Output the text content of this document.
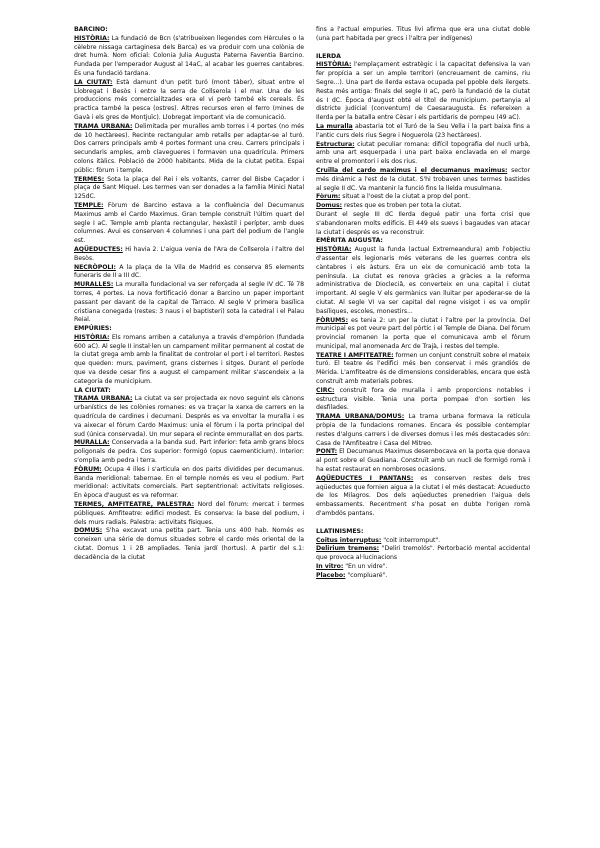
BARCINO:

HISTÒRIA: La fundació de Bcn (s'atribueixen llegendes com Hèrcules o la cèlebre nissaga cartaginesa dels Barca) es va produir com una colònia de dret humà. Nom oficial: Colonia Julia Augusta Paterna Faventia Barcino. Fundada per l'emperador August al 14aC, al acabar les guerres cantabres. És una fundació tardana.

LA CIUTAT: Està damunt d'un petit turó (mont tàber), situat entre el Llobregat i Besòs i entre la serra de Collserola i el mar. Una de les produccions més comercialitzades era el vi però també els cereals. És practica també la pesca (ostres). Altres recursos eren el ferro (mines de Gavà i els gres de Montjuïc). Llobregat important via de comunicació.

TRAMA URBANA: Delimitada per muralles amb torres i 4 portes (no més de 10 hectàrees). Recinte rectangular amb retalls per adaptar-se al turó. Dos carrers principals amb 4 portes formant una creu. Carrers principals i secundaris amples, amb clavegueres i formaven una quadrícula. Primers colons itàlics. Població de 2000 habitants. Mida de la ciutat petita. Espai públic: fòrum i temple.

TERMES: Sota la plaça del Rei i els voltants, carrer del Bisbe Caçador i plaça de Sant Miquel. Les termes van ser donades a la família Minici Natal 125dC.

TEMPLE: Fòrum de Barcino estava a la confluència del Decumanus Maximus amb el Cardo Maximus. Gran temple construït l'últim quart del segle I aC. Temple amb planta rectangular, hexàstil i perípter, amb dues columnes. Avui es conserven 4 columnes i una part del podium de l'angle est.

AQÜEDUCTES: Hi havia 2. L'aigua venia de l'Ara de Collserola i l'altre del Besòs.

NECRÒPOLI: A la plaça de la Vila de Madrid es conserva 85 elements funeraris de II a III dC.

MURALLES: La muralla fundacional va ser reforçada al segle IV dC. Té 78 torres, 4 portes. La nova fortificació donar a Barcino un paper important passant per davant de la capital de Tàrraco. Al segle V primera basílica cristiana conegada (restes: 3 naus i el baptisteri) sota la catedral i el Palau Reial.

EMPÚRIES:

HISTÒRIA: Els romans arriben a catalunya a través d'empòrion (fundada 600 aC). Al segle II instal·len un campament militar permanent al costat de la ciutat grega amb amb la finalitat de controlar el port i el territori. Restes que queden: murs, paviment, grans cisternes i sitges. Durant el període que va desde cesar fins a august el campament militar s'ascendeix a la categoria de municipium.

LA CIUTAT:

TRAMA URBANA: La ciutat va ser projectada ex novo seguint els cànons urbanístics de les colònies romanes: es va traçar la xarxa de carrers en la quadrícula de cardines i decumani. Després es va envoltar la muralla i es va aixecar el fòrum Cardo Maximus: unia el fòrum i la porta principal del sud (única conservada). Un mur separa el recinte emmurallat en dos parts.

MURALLA: Conservada a la banda sud. Part inferior: feta amb grans blocs poligonals de pedra. Cos superior: formigó (opus caementicium). Interior: s'omplia amb pedra i terra.

FÒRUM: Ocupa 4 illes i s'articula en dos parts dividides per decumanus. Banda meridional: tabernae. En el temple només es veu el podium. Part meridional: activitats comercials. Part septentrional: activitats religioses. En època d'august es va reformar.

TERMES, AMFITEATRE, PALESTRA: Nord del fòrum: mercat i termes públiques. Amfiteatre: edifici modest. Es conserva: la base del podium, i dels murs radials. Palestra: activitats físiques.

DOMUS: S'ha excavat una petita part. Tenia uns 400 hab. Només es coneixen una sèrie de domus situades sobre el cardo més oriental de la ciutat. Domus 1 i 2B ampliades. Tenia jardí (hortus). A partir del s.1: decadència de la ciutat

fins a l'actual empuries. Titus livi afirma que era una ciutat doble (una part habitada per grecs i l'altra per indígenes)

ILERDA

HISTÒRIA: l'emplaçament estratègic i la capacitat defensiva la van fer propícia a ser un ample territori (encreuament de camins, riu Segre...). Una part de Ilerda estava ocupada pel ppoble dels ilergets. Resta més antiga: finals del segle II aC, però la fundació de la ciutat és I dC. Època d'august obté el títol de municipium. pertanyia al districte judicial (conventum) de Caesaraugusta. És refereixen a Ilerda per la batalla entre Cèsar i els partidaris de pompeu (49 aC).

La muralla abastaria tot el Turó de la Seu Vella i la part baixa fins a l'antic curs dels rius Segre i Noguerola (23 hectàrees).

Estructura: ciutat peculiar romana: difícil topografia del nucli urbà, amb una art esquerpada i una part baixa enclavada en el marge entre el promontori i els dos rius.

Cruïlla del cardo maximus i el decumanus maximus: sector més dinàmic a l'est de la ciutat. S'hi trobaven unes termes bastides al segle II dC. Va mantenir la funció fins la llelda musulmana.

Fòrum: situat a l'oest de la ciutat a prop del pont.

Domus: restes que es troben per tota la ciutat.

Durant el segle III dC Ilerda degué patir una forta crisi que s'abandonaren molts edificis. El 449 els suevs i bagaudes van atacar la ciutat i després es va reconstruir.

EMÈRITA AUGUSTA:

HISTÒRIA: August la funda (actual Extremeandura) amb l'objectiu d'assentar els legionaris més veterans de les guerres contra els càntabres i els àsturs. Era un eix de comunicació amb tota la península. La ciutat es renova gràcies a gràcies a la reforma administrativa de Diocleciâ, es converteix en una capital i ciutat important. Al segle V els germànics van lluitar per apoderar-se de la ciutat. Al segle VI va ser capital del regne visigot i es va omplir basíliques, escoles, monestirs...

FÒRUMS: es tenia 2: un per la ciutat i l'altre per la província. Del municipal es pot veure part del pòrtic i el Temple de Diana. Del fòrum provincial romanen la porta que el comunicava amb el fòrum municipal, mal anomenada Arc de Trajà, i restes del temple.

TEATRE I AMFITEATRE: formen un conjunt construït sobre el mateix turó. El teatre és l'edifici més ben conservat i més grandiós de Mèrida. L'amfiteatre és de dimensions considerables, encara que està construït amb materials pobres.

CIRC: construït fora de muralla i amb proporcions notables i estructura visible. Tenia una porta pompae d'on sortien les desfilades.

TRAMA URBANA/DOMUS: La trama urbana formava la retícula pròpia de la fundacions romanes. Encara és possible contemplar restes d'alguns carrers i de diverses domus i les més destacades són: Casa de l'Amfiteatre i Casa del Mitreo.

PONT: El Decumanus Maximus desembocava en la porta que donava al pont sobre el Guadiana. Construït amb un nucli de formigó romà i ha estat restaurat en nombroses ocasions.

AQÜEDUCTES I PANTANS: es conserven restes dels tres aqüeductes que fornien aigua a la ciutat i el més destacat: Acueducto de los Milagros. Dos dels aqüeductes prenedrien l'aigua dels embassaments. Recentment s'ha posat en dubte l'origen romà d'ambdós pantans.

LLATINISMES:

Coitus interruptus: "coit interromput".

Delirium tremens: "Deliri tremolós". Pertorbació mental accidental que provoca al·lucinacions

In vitro: "En un vidre".

Placebo: "compluaré".
